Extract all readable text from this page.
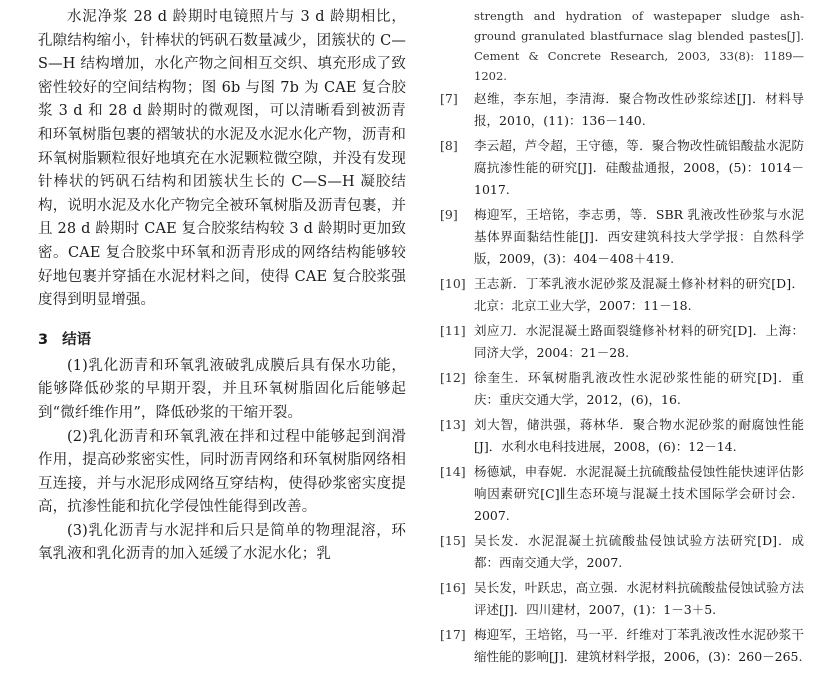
水泥净浆 28 d 龄期时电镜照片与 3 d 龄期相比，孔隙结构缩小，针棒状的钙矾石数量减少，团簇状的 C—S—H 结构增加，水化产物之间相互交织、填充形成了致密性较好的空间结构物；图 6b 与图 7b 为 CAE 复合胶浆 3 d 和 28 d 龄期时的微观图，可以清晰看到被沥青和环氧树脂包裹的褶皱状的水泥及水泥水化产物，沥青和环氧树脂颗粒很好地填充在水泥颗粒微空隙，并没有发现针棒状的钙矾石结构和团簇状生长的 C—S—H 凝胶结构，说明水泥及水化产物完全被环氧树脂及沥青包裹，并且 28 d 龄期时 CAE 复合胶浆结构较 3 d 龄期时更加致密。CAE 复合胶浆中环氧和沥青形成的网络结构能够较好地包裹并穿插在水泥材料之间，使得 CAE 复合胶浆强度得到明显增强。

3 结语

(1)乳化沥青和环氧乳液破乳成膜后具有保水功能，能够降低砂浆的早期开裂，并且环氧树脂固化后能够起到“微纤维作用”，降低砂浆的干缩开裂。

(2)乳化沥青和环氧乳液在拌和过程中能够起到润滑作用，提高砂浆密实性，同时沥青网络和环氧树脂网络相互连接，并与水泥形成网络互穿结构，使得砂浆密实度提高，抗渗性能和抗化学侵蚀性能得到改善。

(3)乳化沥青与水泥拌和后只是简单的物理混溶，环氧乳液和乳化沥青的加入延缓了水泥水化；乳

strength and hydration of wastepaper sludge ash-ground granulated blastfurnace slag blended pastes[J]. Cement & Concrete Research, 2003, 33(8): 1189—1202.

[7]	赵维，李东旭，李清海．聚合物改性砂浆综述[J]．材料导报，2010，(11)：136－140.

[8]	李云超，芦令超，王守德，等．聚合物改性硫铝酸盐水泥防腐抗渗性能的研究[J]．硅酸盐通报，2008，(5)：1014－1017.

[9]	梅迎军，王培铭，李志勇，等．SBR 乳液改性砂浆与水泥基体界面黏结性能[J]．西安建筑科技大学学报：自然科学版，2009，(3)：404－408＋419.

[10] 王志新．丁苯乳液水泥砂浆及混凝土修补材料的研究[D]．北京：北京工业大学，2007：11－18.

[11] 刘应刀．水泥混凝土路面裂缝修补材料的研究[D]．上海：同济大学，2004：21－28.

[12] 徐奎生．环氧树脂乳液改性水泥砂浆性能的研究[D]．重庆：重庆交通大学，2012，(6)，16.

[13] 刘大智，储洪强，蒋林华．聚合物水泥砂浆的耐腐蚀性能[J]．水利水电科技进展，2008，(6)：12－14.

[14] 杨德斌，申春妮．水泥混凝土抗硫酸盐侵蚀性能快速评估影响因素研究[C]∥生态环境与混凝土技术国际学会研讨会．2007.

[15] 吴长发．水泥混凝土抗硫酸盐侵蚀试验方法研究[D]．成都：西南交通大学，2007.

[16] 吴长发，叶跃忠，高立强．水泥材料抗硫酸盐侵蚀试验方法评述[J]．四川建材，2007，(1)：1－3＋5.

[17] 梅迎军，王培铭，马一平．纤维对丁苯乳液改性水泥砂浆干缩性能的影响[J]．建筑材料学报，2006，(3)：260－265.
